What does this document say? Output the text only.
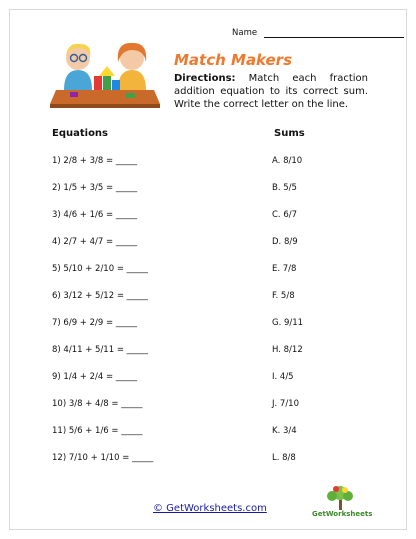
Name
Match Makers
Directions: Match each fraction addition equation to its correct sum. Write the correct letter on the line.
Equations	Sums
1) 2/8 + 3/8 = _____	A. 8/10
2) 1/5 + 3/5 = _____	B. 5/5
3) 4/6 + 1/6 = _____	C. 6/7
4) 2/7 + 4/7 = _____	D. 8/9
5) 5/10 + 2/10 = _____	E. 7/8
6) 3/12 + 5/12 = _____	F. 5/8
7) 6/9 + 2/9 = _____	G. 9/11
8) 4/11 + 5/11 = _____	H. 8/12
9) 1/4 + 2/4 = _____	I. 4/5
10) 3/8 + 4/8 = _____	J. 7/10
11) 5/6 + 1/6 = _____	K. 3/4
12) 7/10 + 1/10 = _____	L. 8/8
© GetWorksheets.com	GetWorksheets
